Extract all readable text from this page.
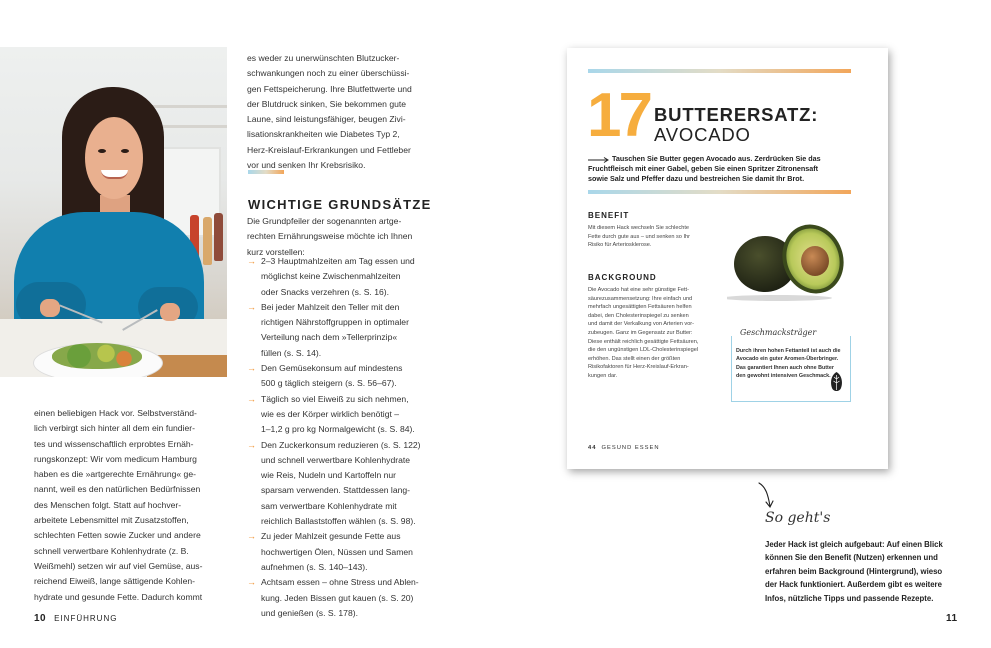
einen beliebigen Hack vor. Selbstverständ-
lich verbirgt sich hinter all dem ein fundier-
tes und wissenschaftlich erprobtes Ernäh-
rungskonzept: Wir vom medicum Hamburg
haben es die »artgerechte Ernährung« ge-
nannt, weil es den natürlichen Bedürfnissen
des Menschen folgt. Statt auf hochver-
arbeitete Lebensmittel mit Zusatzstoffen,
schlechten Fetten sowie Zucker und andere
schnell verwertbare Kohlenhydrate (z. B.
Weißmehl) setzen wir auf viel Gemüse, aus-
reichend Eiweiß, lange sättigende Kohlen-
hydrate und gesunde Fette. Dadurch kommt
es weder zu unerwünschten Blutzucker-
schwankungen noch zu einer überschüssi-
gen Fettspeicherung. Ihre Blutfettwerte und
der Blutdruck sinken, Sie bekommen gute
Laune, sind leistungsfähiger, beugen Zivi-
lisationskrankheiten wie Diabetes Typ 2,
Herz-Kreislauf-Erkrankungen und Fettleber
vor und senken Ihr Krebsrisiko.
WICHTIGE GRUNDSÄTZE
Die Grundpfeiler der sogenannten artge-
rechten Ernährungsweise möchte ich Ihnen
kurz vorstellen:
→ 2–3 Hauptmahlzeiten am Tag essen und
möglichst keine Zwischenmahlzeiten
oder Snacks verzehren (s. S. 16).
→ Bei jeder Mahlzeit den Teller mit den
richtigen Nährstoffgruppen in optimaler
Verteilung nach dem »Tellerprinzip«
füllen (s. S. 14).
→ Den Gemüsekonsum auf mindestens
500 g täglich steigern (s. S. 56–67).
→ Täglich so viel Eiweiß zu sich nehmen,
wie es der Körper wirklich benötigt –
1–1,2 g pro kg Normalgewicht (s. S. 84).
→ Den Zuckerkonsum reduzieren (s. S. 122)
und schnell verwertbare Kohlenhydrate
wie Reis, Nudeln und Kartoffeln nur
sparsam verwenden. Stattdessen lang-
sam verwertbare Kohlenhydrate mit
reichlich Ballaststoffen wählen (s. S. 98).
→ Zu jeder Mahlzeit gesunde Fette aus
hochwertigen Ölen, Nüssen und Samen
aufnehmen (s. S. 140–143).
→ Achtsam essen – ohne Stress und Ablen-
kung. Jeden Bissen gut kauen (s. S. 20)
und genießen (s. S. 178).
10 EINFÜHRUNG
17 BUTTERERSATZ:
AVOCADO
Tauschen Sie Butter gegen Avocado aus. Zerdrücken Sie das
Fruchtfleisch mit einer Gabel, geben Sie einen Spritzer Zitronensaft
sowie Salz und Pfeffer dazu und bestreichen Sie damit Ihr Brot.
BENEFIT
Mit diesem Hack wechseln Sie schlechte
Fette durch gute aus – und senken so Ihr
Risiko für Arteriosklerose.
BACKGROUND
Die Avocado hat eine sehr günstige Fett-
säurezusammensetzung: Ihre einfach und
mehrfach ungesättigten Fettsäuren helfen
dabei, den Cholesterinspiegel zu senken
und damit der Verkalkung von Arterien vor-
zubeugen. Ganz im Gegensatz zur Butter:
Diese enthält reichlich gesättigte Fettsäuren,
die den ungünstigen LDL-Cholesterinspiegel
erhöhen. Das stellt einen der größten
Risikofaktoren für Herz-Kreislauf-Erkran-
kungen dar.
Geschmacksträger
Durch ihren hohen Fettanteil ist auch die
Avocado ein guter Aromen-Überbringer.
Das garantiert Ihnen auch ohne Butter
den gewohnt intensiven Geschmack.
44 GESUND ESSEN
So geht's
Jeder Hack ist gleich aufgebaut: Auf einen Blick
können Sie den Benefit (Nutzen) erkennen und
erfahren beim Background (Hintergrund), wieso
der Hack funktioniert. Außerdem gibt es weitere
Infos, nützliche Tipps und passende Rezepte.
11
